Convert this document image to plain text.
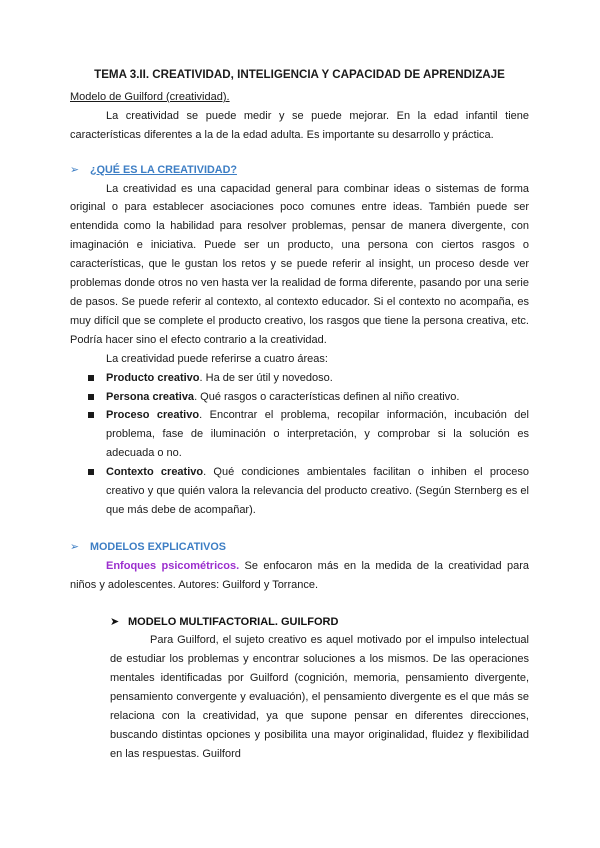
TEMA 3.II. CREATIVIDAD, INTELIGENCIA Y CAPACIDAD DE APRENDIZAJE

Modelo de Guilford (creatividad).

La creatividad se puede medir y se puede mejorar. En la edad infantil tiene características diferentes a la de la edad adulta. Es importante su desarrollo y práctica.

➢ ¿QUÉ ES LA CREATIVIDAD?

La creatividad es una capacidad general para combinar ideas o sistemas de forma original o para establecer asociaciones poco comunes entre ideas. También puede ser entendida como la habilidad para resolver problemas, pensar de manera divergente, con imaginación e iniciativa. Puede ser un producto, una persona con ciertos rasgos o características, que le gustan los retos y se puede referir al insight, un proceso desde ver problemas donde otros no ven hasta ver la realidad de forma diferente, pasando por una serie de pasos. Se puede referir al contexto, al contexto educador. Si el contexto no acompaña, es muy difícil que se complete el producto creativo, los rasgos que tiene la persona creativa, etc. Podría hacer sino el efecto contrario a la creatividad.

La creatividad puede referirse a cuatro áreas:

Producto creativo. Ha de ser útil y novedoso.
Persona creativa. Qué rasgos o características definen al niño creativo.
Proceso creativo. Encontrar el problema, recopilar información, incubación del problema, fase de iluminación o interpretación, y comprobar si la solución es adecuada o no.
Contexto creativo. Qué condiciones ambientales facilitan o inhiben el proceso creativo y que quién valora la relevancia del producto creativo. (Según Sternberg es el que más debe de acompañar).
➢ MODELOS EXPLICATIVOS

Enfoques psicométricos. Se enfocaron más en la medida de la creatividad para niños y adolescentes. Autores: Guilford y Torrance.

➤ MODELO MULTIFACTORIAL. GUILFORD

Para Guilford, el sujeto creativo es aquel motivado por el impulso intelectual de estudiar los problemas y encontrar soluciones a los mismos. De las operaciones mentales identificadas por Guilford (cognición, memoria, pensamiento divergente, pensamiento convergente y evaluación), el pensamiento divergente es el que más se relaciona con la creatividad, ya que supone pensar en diferentes direcciones, buscando distintas opciones y posibilita una mayor originalidad, fluidez y flexibilidad en las respuestas. Guilford
